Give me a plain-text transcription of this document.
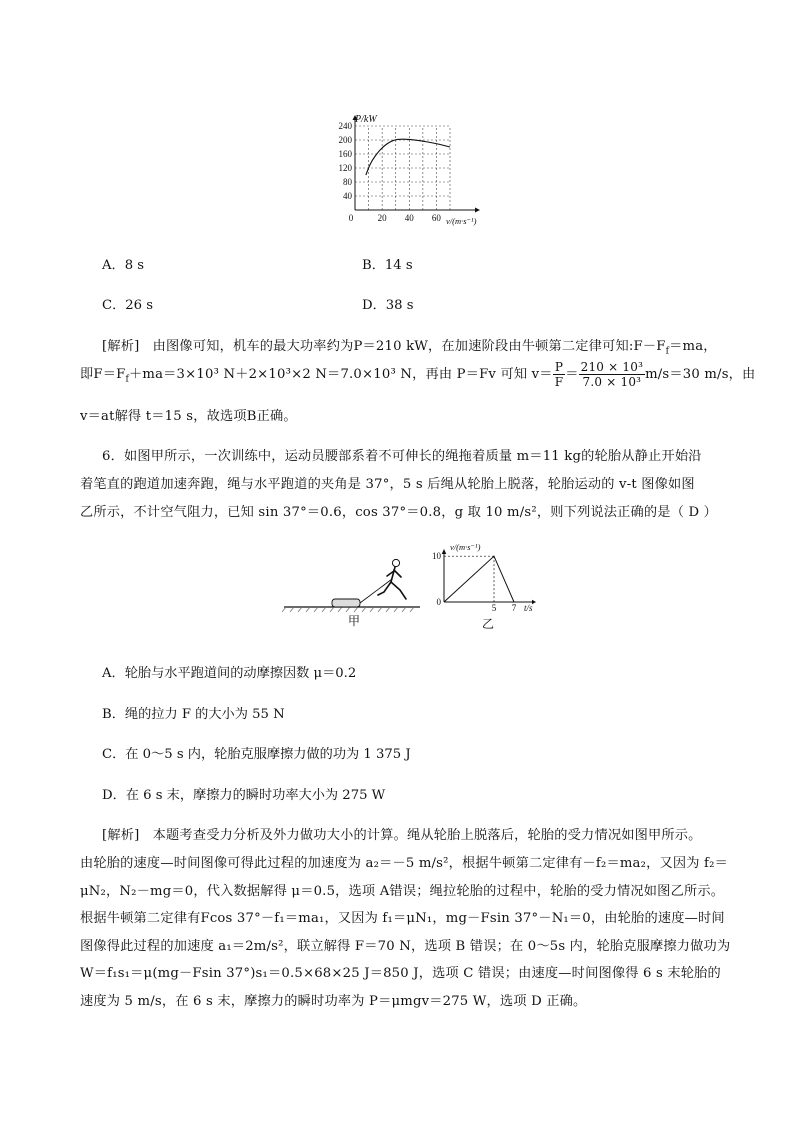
240
200
160
120
80
40
0	20 40 60
P/kW
v/(m·s⁻¹)
A．8 s	B．14 s
C．26 s	D．38 s
[解析] 由图像可知，机车的最大功率约为P＝210 kW，在加速阶段由牛顿第二定律可知$:F-F_f=ma$，
即$F=F_f+ma=3\times 10^3$ N＋2×10³×2 N＝7.0×10³ N，再由 P＝Fv 可知 $v= \frac{P}{F} = \frac{\text{210 × 10³}}{\text{7.0 × 10³}} m/s=30$ m/s，由
v＝at解得 t＝15 s，故选项B正确。
6．如图甲所示，一次训练中，运动员腰部系着不可伸长的绳拖着质量 m＝11 kg的轮胎从静止开始沿
着笔直的跑道加速奔跑，绳与水平跑道的夹角是 37°，5 s 后绳从轮胎上脱落，轮胎运动的 v-t 图像如图
乙所示，不计空气阻力，已知 sin 37°＝0.6，cos 37°＝0.8，g 取 10 m/s²，则下列说法正确的是（ D ）
甲
10
0
5 7
v/(m·s⁻¹)
t/s
乙
A．轮胎与水平跑道间的动摩擦因数 μ＝0.2
B．绳的拉力 F 的大小为 55 N
C．在 0～5 s 内，轮胎克服摩擦力做的功为 1 375 J
D．在 6 s 末，摩擦力的瞬时功率大小为 275 W
[解析] 本题考查受力分析及外力做功大小的计算。绳从轮胎上脱落后，轮胎的受力情况如图甲所示。
由轮胎的速度—时间图像可得此过程的加速度为 a₂＝－5 m/s²，根据牛顿第二定律有－f₂＝ma₂，又因为 f₂＝
μN₂，N₂－mg＝0，代入数据解得 μ＝0.5，选项 A错误；绳拉轮胎的过程中，轮胎的受力情况如图乙所示。
根据牛顿第二定律有Fcos 37°－f₁＝ma₁，又因为 f₁＝μN₁，mg－Fsin 37°－N₁＝0，由轮胎的速度—时间
图像得此过程的加速度 a₁＝2m/s²，联立解得 F＝70 N，选项 B 错误；在 0～5s 内，轮胎克服摩擦力做功为
W＝f₁s₁＝μ(mg－Fsin 37°)s₁＝0.5×68×25 J＝850 J，选项 C 错误；由速度—时间图像得 6 s 末轮胎的
速度为 5 m/s，在 6 s 末，摩擦力的瞬时功率为 P＝μmgv＝275 W，选项 D 正确。
